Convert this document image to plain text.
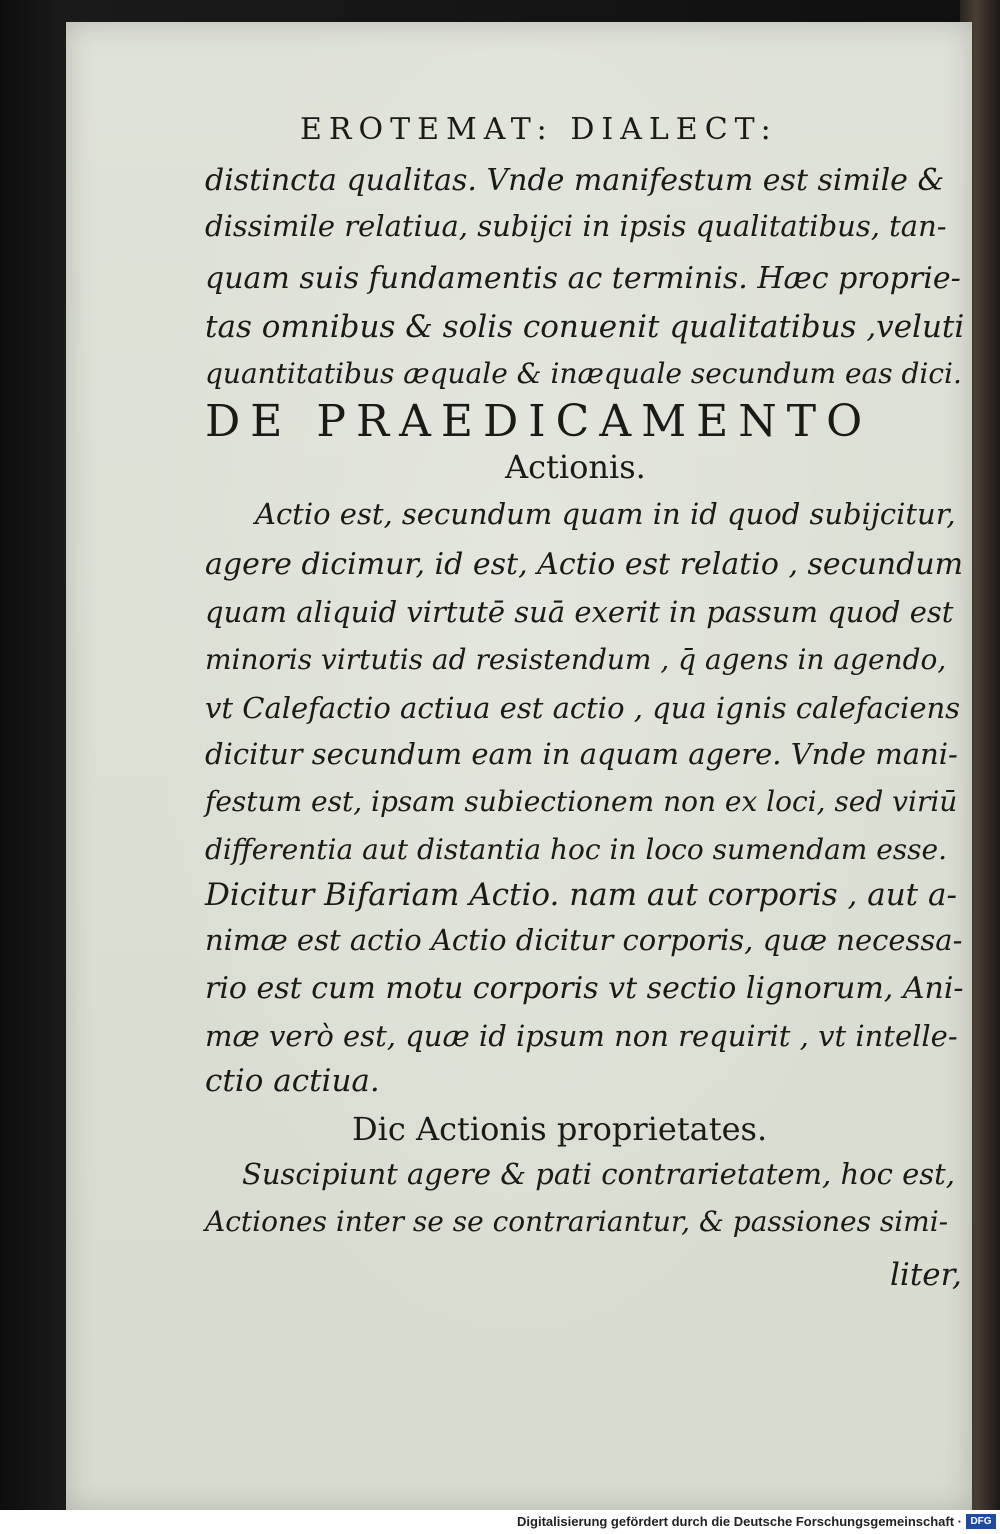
EROTEMAT: DIALECT:
distincta qualitas. Vnde manifestum est simile &
dissimile relatiua, subijci in ipsis qualitatibus, tan-
quam suis fundamentis ac terminis. Hæc proprie-
tas omnibus & solis conuenit qualitatibus ,veluti
quantitatibus æquale & inæquale secundum eas dici.
DE PRAEDICAMENTO
Actionis.
Actio est, secundum quam in id quod subijcitur,
agere dicimur, id est, Actio est relatio , secundum
quam aliquid virtutē suā exerit in passum quod est
minoris virtutis ad resistendum , q̄ agens in agendo,
vt Calefactio actiua est actio , qua ignis calefaciens
dicitur secundum eam in aquam agere. Vnde mani-
festum est, ipsam subiectionem non ex loci, sed viriū
differentia aut distantia hoc in loco sumendam esse.
Dicitur Bifariam Actio. nam aut corporis , aut a-
nimæ est actio Actio dicitur corporis, quæ necessa-
rio est cum motu corporis vt sectio lignorum, Ani-
mæ verò est, quæ id ipsum non requirit , vt intelle-
ctio actiua.
Dic Actionis proprietates.
Suscipiunt agere & pati contrarietatem, hoc est,
Actiones inter se se contrariantur, & passiones simi-
liter,
Digitalisierung gefördert durch die Deutsche Forschungsgemeinschaft · DFG
